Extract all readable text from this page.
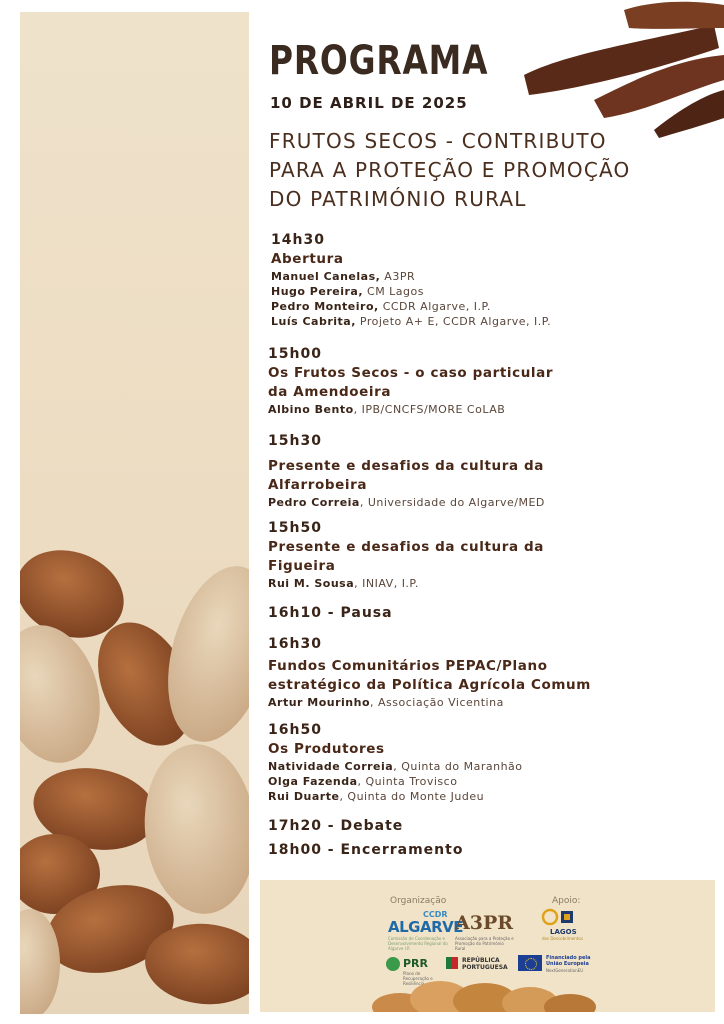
PROGRAMA
10 DE ABRIL DE 2025
FRUTOS SECOS - CONTRIBUTO
PARA A PROTEÇÃO E PROMOÇÃO
DO PATRIMÓNIO RURAL
14h30
Abertura
Manuel Canelas, A3PR
Hugo Pereira, CM Lagos
Pedro Monteiro, CCDR Algarve, I.P.
Luís Cabrita, Projeto A+ E, CCDR Algarve, I.P.
15h00
Os Frutos Secos - o caso particular
da Amendoeira
Albino Bento, IPB/CNCFS/MORE CoLAB
15h30
Presente e desafios da cultura da
Alfarrobeira
Pedro Correia, Universidade do Algarve/MED
15h50
Presente e desafios da cultura da
Figueira
Rui M. Sousa, INIAV, I.P.
16h10 - Pausa
16h30
Fundos Comunitários PEPAC/Plano
estratégico da Política Agrícola Comum
Artur Mourinho, Associação Vicentina
16h50
Os Produtores
Natividade Correia, Quinta do Maranhão
Olga Fazenda, Quinta Trovisco
Rui Duarte, Quinta do Monte Judeu
17h20 - Debate
18h00 - Encerramento
Organização	Apoio:
CCDR
ALGARVE
Comissão de Coordenação e Desenvolvimento Regional do Algarve I.P.
A3PR
Associação para a Proteção e Promoção do Património Rural
LAGOS
dos Descobrimentos
PRR
Plano de Recuperação e Resiliência
REPÚBLICA
PORTUGUESA
Financiado pela
União Europeia
NextGenerationEU
